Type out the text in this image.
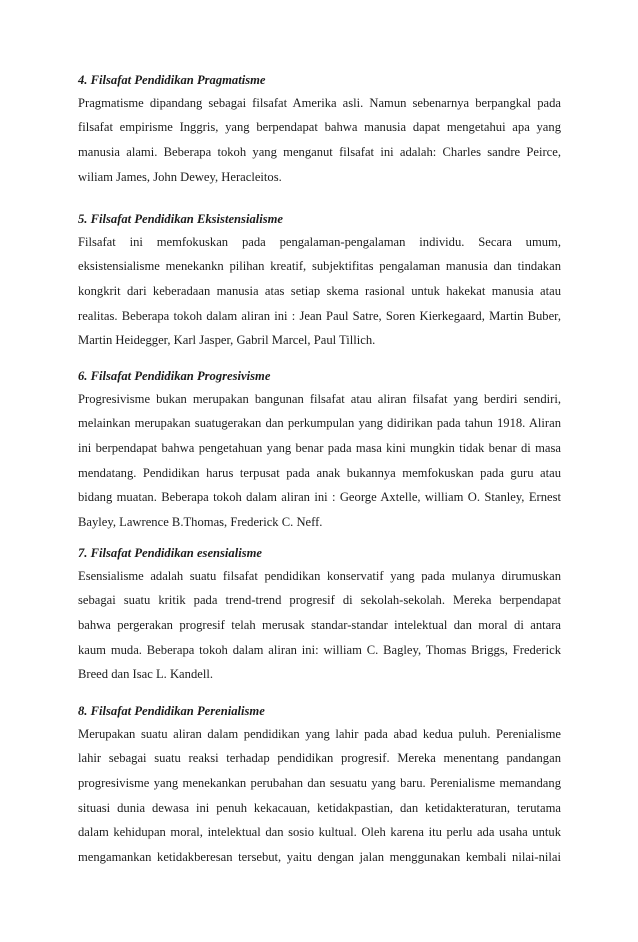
4. Filsafat Pendidikan Pragmatisme
Pragmatisme dipandang sebagai filsafat Amerika asli. Namun sebenarnya berpangkal pada
filsafat empirisme Inggris, yang berpendapat bahwa manusia dapat mengetahui apa yang
manusia alami. Beberapa tokoh yang menganut filsafat ini adalah: Charles sandre Peirce,
wiliam James, John Dewey, Heracleitos.
5. Filsafat Pendidikan Eksistensialisme
Filsafat ini memfokuskan pada pengalaman-pengalaman individu. Secara umum,
eksistensialisme menekankn pilihan kreatif, subjektifitas pengalaman manusia dan tindakan
kongkrit dari keberadaan manusia atas setiap skema rasional untuk hakekat manusia atau
realitas. Beberapa tokoh dalam aliran ini : Jean Paul Satre, Soren Kierkegaard, Martin Buber,
Martin Heidegger, Karl Jasper, Gabril Marcel, Paul Tillich.
6. Filsafat Pendidikan Progresivisme
Progresivisme bukan merupakan bangunan filsafat atau aliran filsafat yang berdiri sendiri,
melainkan merupakan suatugerakan dan perkumpulan yang didirikan pada tahun 1918. Aliran
ini berpendapat bahwa pengetahuan yang benar pada masa kini mungkin tidak benar di masa
mendatang. Pendidikan harus terpusat pada anak bukannya memfokuskan pada guru atau
bidang muatan. Beberapa tokoh dalam aliran ini : George Axtelle, william O. Stanley, Ernest
Bayley, Lawrence B.Thomas, Frederick C. Neff.
7. Filsafat Pendidikan esensialisme
Esensialisme adalah suatu filsafat pendidikan konservatif yang pada mulanya dirumuskan
sebagai suatu kritik pada trend-trend progresif di sekolah-sekolah. Mereka berpendapat
bahwa pergerakan progresif telah merusak standar-standar intelektual dan moral di antara
kaum muda. Beberapa tokoh dalam aliran ini: william C. Bagley, Thomas Briggs, Frederick
Breed dan Isac L. Kandell.
8. Filsafat Pendidikan Perenialisme
Merupakan suatu aliran dalam pendidikan yang lahir pada abad kedua puluh. Perenialisme
lahir sebagai suatu reaksi terhadap pendidikan progresif. Mereka menentang pandangan
progresivisme yang menekankan perubahan dan sesuatu yang baru. Perenialisme memandang
situasi dunia dewasa ini penuh kekacauan, ketidakpastian, dan ketidakteraturan, terutama
dalam kehidupan moral, intelektual dan sosio kultual. Oleh karena itu perlu ada usaha untuk
mengamankan ketidakberesan tersebut, yaitu dengan jalan menggunakan kembali nilai-nilai
